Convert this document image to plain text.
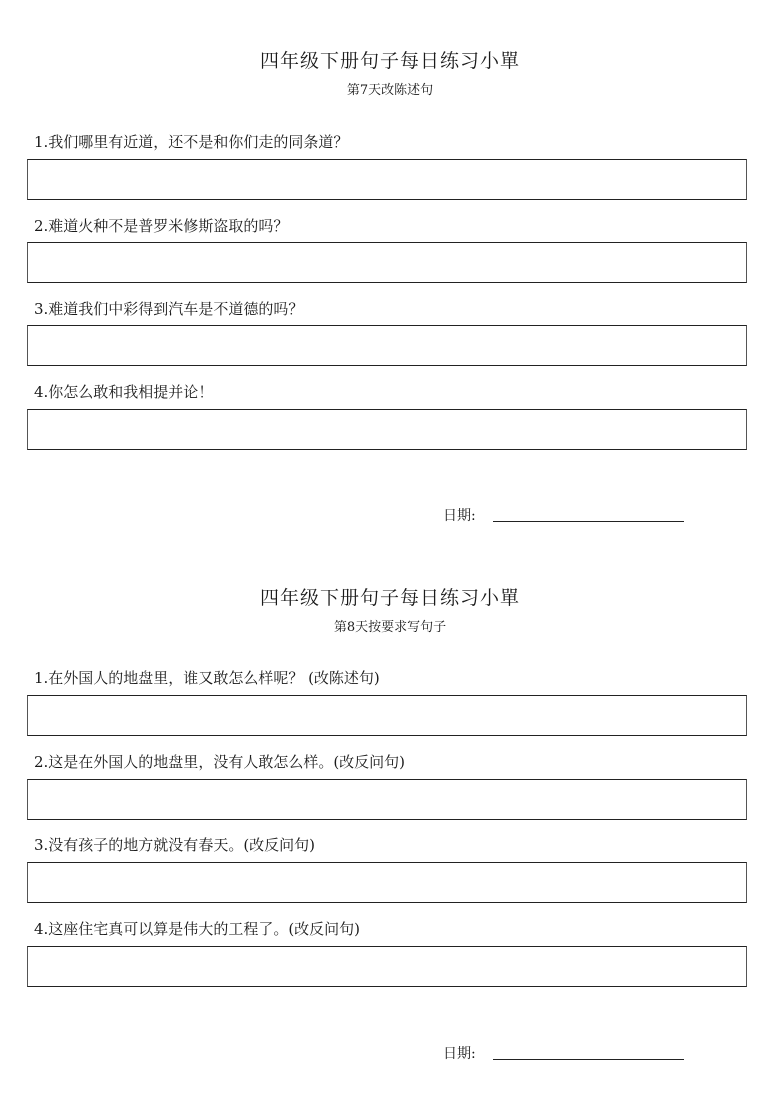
四年级下册句子每日练习小單
第7天改陈述句
1.我们哪里有近道，还不是和你们走的同条道？
2.难道火种不是普罗米修斯盗取的吗？
3.难道我们中彩得到汽车是不道德的吗？
4.你怎么敢和我相提并论！
日期:
四年级下册句子每日练习小單
第8天按要求写句子
1.在外国人的地盘里，谁又敢怎么样呢？ (改陈述句)
2.这是在外国人的地盘里，没有人敢怎么样。(改反问句)
3.没有孩子的地方就没有春天。(改反问句)
4.这座住宅真可以算是伟大的工程了。(改反问句)
日期:
